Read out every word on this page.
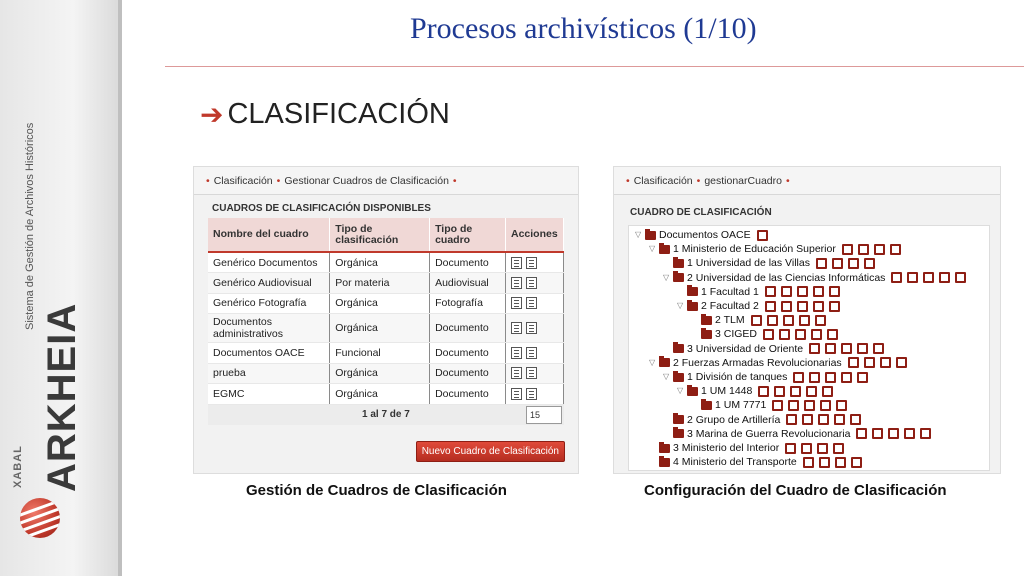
Sistema de Gestión de Archivos Históricos
ARKHEIA
XABAL
Procesos archivísticos (1/10)
➔ CLASIFICACIÓN
• Clasificación • Gestionar Cuadros de Clasificación •
CUADROS DE CLASIFICACIÓN DISPONIBLES
Nombre del cuadro	Tipo de clasificación	Tipo de cuadro	Acciones
Genérico Documentos	Orgánica	Documento	
Genérico Audiovisual	Por materia	Audiovisual	
Genérico Fotografía	Orgánica	Fotografía	
Documentos administrativos	Orgánica	Documento	
Documentos OACE	Funcional	Documento	
prueba	Orgánica	Documento	
EGMC	Orgánica	Documento	
1 al 7 de 7	15
Nuevo Cuadro de Clasificación
• Clasificación • gestionarCuadro •
CUADRO DE CLASIFICACIÓN
▽	Documentos OACE
▽	1 Ministerio de Educación Superior
1 Universidad de las Villas
▽	2 Universidad de las Ciencias Informáticas
1 Facultad 1
▽	2 Facultad 2
2 TLM
3 CIGED
3 Universidad de Oriente
▽	2 Fuerzas Armadas Revolucionarias
▽	1 División de tanques
▽	1 UM 1448
1 UM 7771
2 Grupo de Artillería
3 Marina de Guerra Revolucionaria
3 Ministerio del Interior
4 Ministerio del Transporte
Gestión de Cuadros de Clasificación	Configuración del Cuadro de Clasificación
